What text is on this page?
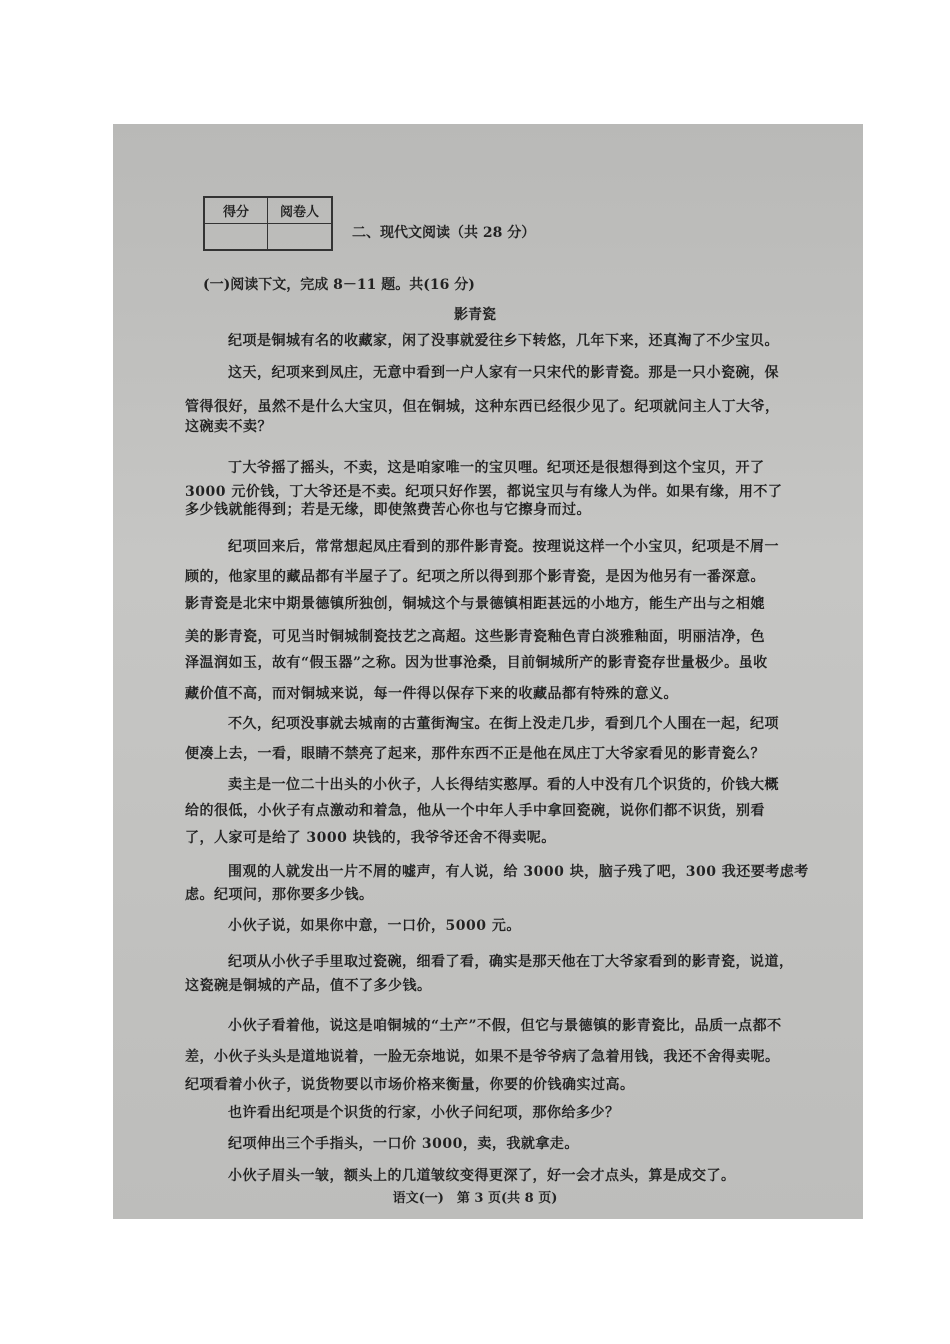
得分	阅卷人
二、现代文阅读（共 28 分）
(一)阅读下文，完成 8－11 题。共(16 分)
影青瓷
纪项是铜城有名的收藏家，闲了没事就爱往乡下转悠，几年下来，还真淘了不少宝贝。
这天，纪项来到凤庄，无意中看到一户人家有一只宋代的影青瓷。那是一只小瓷碗，保
管得很好，虽然不是什么大宝贝，但在铜城，这种东西已经很少见了。纪项就问主人丁大爷，
这碗卖不卖？
丁大爷摇了摇头，不卖，这是咱家唯一的宝贝哩。纪项还是很想得到这个宝贝，开了
3000 元价钱，丁大爷还是不卖。纪项只好作罢，都说宝贝与有缘人为伴。如果有缘，用不了
多少钱就能得到；若是无缘，即使煞费苦心你也与它擦身而过。
纪项回来后，常常想起凤庄看到的那件影青瓷。按理说这样一个小宝贝，纪项是不屑一
顾的，他家里的藏品都有半屋子了。纪项之所以得到那个影青瓷，是因为他另有一番深意。
影青瓷是北宋中期景德镇所独创，铜城这个与景德镇相距甚远的小地方，能生产出与之相媲
美的影青瓷，可见当时铜城制瓷技艺之高超。这些影青瓷釉色青白淡雅釉面，明丽洁净，色
泽温润如玉，故有“假玉器”之称。因为世事沧桑，目前铜城所产的影青瓷存世量极少。虽收
藏价值不高，而对铜城来说，每一件得以保存下来的收藏品都有特殊的意义。
不久，纪项没事就去城南的古董街淘宝。在街上没走几步，看到几个人围在一起，纪项
便凑上去，一看，眼睛不禁亮了起来，那件东西不正是他在凤庄丁大爷家看见的影青瓷么？
卖主是一位二十出头的小伙子，人长得结实憨厚。看的人中没有几个识货的，价钱大概
给的很低，小伙子有点激动和着急，他从一个中年人手中拿回瓷碗，说你们都不识货，别看
了，人家可是给了 3000 块钱的，我爷爷还舍不得卖呢。
围观的人就发出一片不屑的嘘声，有人说，给 3000 块，脑子残了吧，300 我还要考虑考
虑。纪项问，那你要多少钱。
小伙子说，如果你中意，一口价，5000 元。
纪项从小伙子手里取过瓷碗，细看了看，确实是那天他在丁大爷家看到的影青瓷，说道，
这瓷碗是铜城的产品，值不了多少钱。
小伙子看着他，说这是咱铜城的“土产”不假，但它与景德镇的影青瓷比，品质一点都不
差，小伙子头头是道地说着，一脸无奈地说，如果不是爷爷病了急着用钱，我还不舍得卖呢。
纪项看着小伙子，说货物要以市场价格来衡量，你要的价钱确实过高。
也许看出纪项是个识货的行家，小伙子问纪项，那你给多少？
纪项伸出三个手指头，一口价 3000，卖，我就拿走。
小伙子眉头一皱，额头上的几道皱纹变得更深了，好一会才点头，算是成交了。
语文(一)　第 3 页(共 8 页)
